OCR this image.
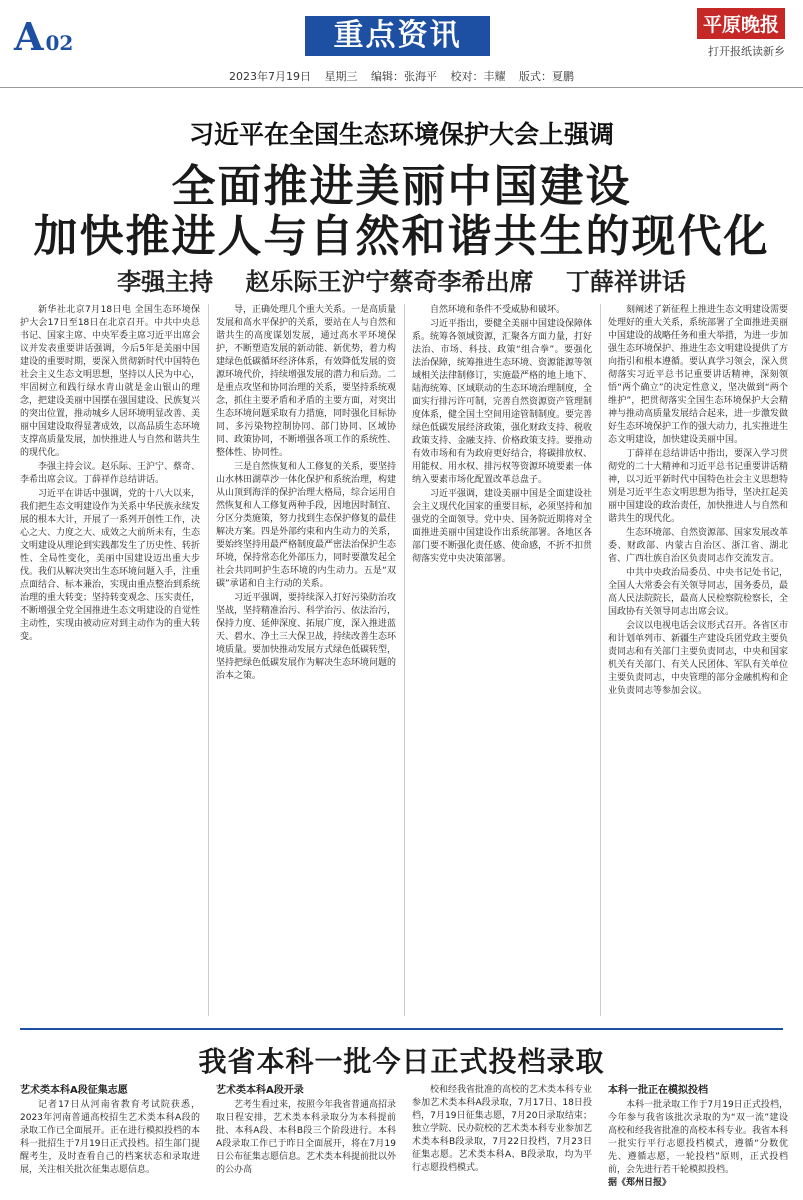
A 02	重点资讯	平原晚报
打开报纸读新乡
2023年7月19日 星期三 编辑：张海平 校对：丰耀 版式：夏鹏
习近平在全国生态环境保护大会上强调
全面推进美丽中国建设
加快推进人与自然和谐共生的现代化
李强主持 赵乐际王沪宁蔡奇李希出席 丁薛祥讲话

新华社北京7月18日电 全国生态环境保护大会17日至18日在北京召开。中共中央总书记、国家主席、中央军委主席习近平出席会议并发表重要讲话强调，今后5年是美丽中国建设的重要时期，要深入贯彻新时代中国特色社会主义生态文明思想，坚持以人民为中心，牢固树立和践行绿水青山就是金山银山的理念，把建设美丽中国摆在强国建设、民族复兴的突出位置，推动城乡人居环境明显改善、美丽中国建设取得显著成效，以高品质生态环境支撑高质量发展，加快推进人与自然和谐共生的现代化。

李强主持会议。赵乐际、王沪宁、蔡奇、李希出席会议。丁薛祥作总结讲话。

习近平在讲话中强调，党的十八大以来，我们把生态文明建设作为关系中华民族永续发展的根本大计，开展了一系列开创性工作，决心之大、力度之大、成效之大前所未有，生态文明建设从理论到实践都发生了历史性、转折性、全局性变化，美丽中国建设迈出重大步伐。我们从解决突出生态环境问题入手，注重点面结合、标本兼治，实现由重点整治到系统治理的重大转变；坚持转变观念、压实责任，不断增强全党全国推进生态文明建设的自觉性主动性，实现由被动应对到主动作为的重大转变。

导，正确处理几个重大关系。一是高质量发展和高水平保护的关系，要站在人与自然和谐共生的高度谋划发展，通过高水平环境保护，不断塑造发展的新动能、新优势，着力构建绿色低碳循环经济体系，有效降低发展的资源环境代价，持续增强发展的潜力和后劲。二是重点攻坚和协同治理的关系，要坚持系统观念，抓住主要矛盾和矛盾的主要方面，对突出生态环境问题采取有力措施，同时强化目标协同、多污染物控制协同、部门协同、区域协同、政策协同，不断增强各项工作的系统性、整体性、协同性。

三是自然恢复和人工修复的关系，要坚持山水林田湖草沙一体化保护和系统治理，构建从山顶到海洋的保护治理大格局，综合运用自然恢复和人工修复两种手段，因地因时制宜、分区分类施策，努力找到生态保护修复的最佳解决方案。四是外部约束和内生动力的关系，要始终坚持用最严格制度最严密法治保护生态环境，保持常态化外部压力，同时要激发起全社会共同呵护生态环境的内生动力。五是“双碳”承诺和自主行动的关系。

习近平强调，要持续深入打好污染防治攻坚战，坚持精准治污、科学治污、依法治污，保持力度、延伸深度、拓展广度，深入推进蓝天、碧水、净土三大保卫战，持续改善生态环境质量。要加快推动发展方式绿色低碳转型，坚持把绿色低碳发展作为解决生态环境问题的治本之策。

自然环境和条件不受威胁和破坏。

习近平指出，要健全美丽中国建设保障体系。统筹各领域资源，汇聚各方面力量，打好法治、市场、科技、政策“组合拳”。要强化法治保障，统筹推进生态环境、资源能源等领域相关法律制修订，实施最严格的地上地下、陆海统筹、区域联动的生态环境治理制度，全面实行排污许可制，完善自然资源资产管理制度体系，健全国土空间用途管制制度。要完善绿色低碳发展经济政策，强化财政支持、税收政策支持、金融支持、价格政策支持。要推动有效市场和有为政府更好结合，将碳排放权、用能权、用水权、排污权等资源环境要素一体纳入要素市场化配置改革总盘子。

习近平强调，建设美丽中国是全面建设社会主义现代化国家的重要目标，必须坚持和加强党的全面领导。党中央、国务院近期将对全面推进美丽中国建设作出系统部署。各地区各部门要不断强化责任感、使命感，不折不扣贯彻落实党中央决策部署。

刻阐述了新征程上推进生态文明建设需要处理好的重大关系，系统部署了全面推进美丽中国建设的战略任务和重大举措，为进一步加强生态环境保护、推进生态文明建设提供了方向指引和根本遵循。要认真学习领会，深入贯彻落实习近平总书记重要讲话精神，深刻领悟“两个确立”的决定性意义，坚决做到“两个维护”，把贯彻落实全国生态环境保护大会精神与推动高质量发展结合起来，进一步激发做好生态环境保护工作的强大动力，扎实推进生态文明建设，加快建设美丽中国。

丁薛祥在总结讲话中指出，要深入学习贯彻党的二十大精神和习近平总书记重要讲话精神，以习近平新时代中国特色社会主义思想特别是习近平生态文明思想为指导，坚决扛起美丽中国建设的政治责任，加快推进人与自然和谐共生的现代化。

生态环境部、自然资源部、国家发展改革委、财政部、内蒙古自治区、浙江省、湖北省、广西壮族自治区负责同志作交流发言。

中共中央政治局委员、中央书记处书记，全国人大常委会有关领导同志，国务委员，最高人民法院院长，最高人民检察院检察长，全国政协有关领导同志出席会议。

会议以电视电话会议形式召开。各省区市和计划单列市、新疆生产建设兵团党政主要负责同志和有关部门主要负责同志，中央和国家机关有关部门、有关人民团体、军队有关单位主要负责同志，中央管理的部分金融机构和企业负责同志等参加会议。

我省本科一批今日正式投档录取
艺术类本科A段征集志愿

记者17日从河南省教育考试院获悉，2023年河南普通高校招生艺术类本科A段的录取工作已全面展开。正在进行模拟投档的本科一批招生于7月19日正式投档。招生部门提醒考生，及时查看自己的档案状态和录取进展，关注相关批次征集志愿信息。

艺术类本科A段开录

艺考生看过来，按照今年我省普通高招录取日程安排，艺术类本科录取分为本科提前批、本科A段、本科B段三个阶段进行。本科A段录取工作已于昨日全面展开，将在7月19日公布征集志愿信息。艺术类本科提前批以外的公办高

校和经我省批准的高校的艺术类本科专业参加艺术类本科A段录取，7月17日、18日投档，7月19日征集志愿，7月20日录取结束；独立学院、民办院校的艺术类本科专业参加艺术类本科B段录取，7月22日投档，7月23日征集志愿。艺术类本科A、B段录取，均为平行志愿投档模式。

本科一批正在模拟投档

本科一批录取工作于7月19日正式投档，今年参与我省该批次录取的为“双一流”建设高校和经我省批准的高校本科专业。我省本科一批实行平行志愿投档模式，遵循“分数优先、遵循志愿，一轮投档”原则，正式投档前，会先进行若干轮模拟投档。

据《郑州日报》
